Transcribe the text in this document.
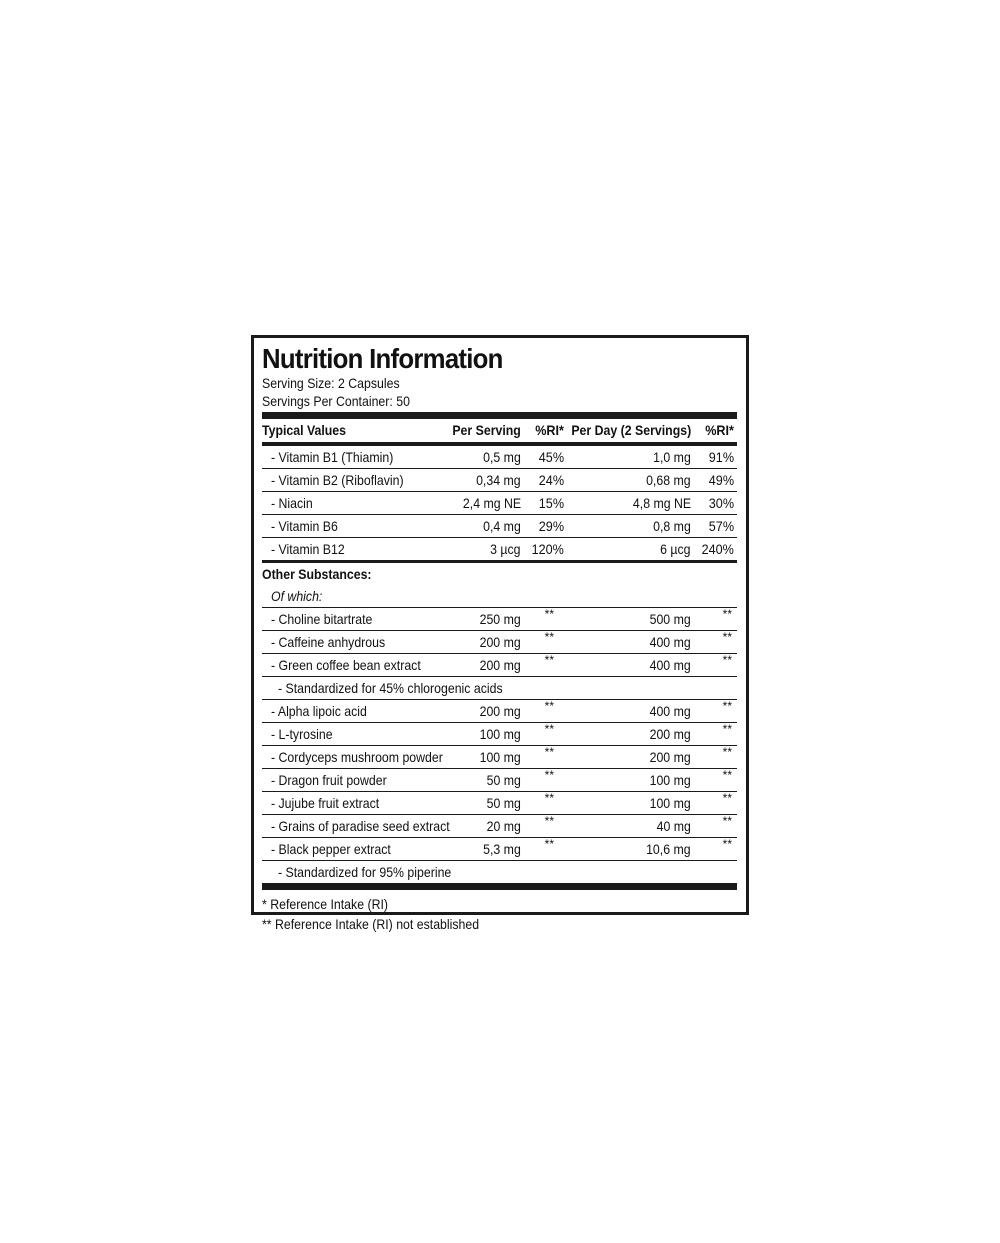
Nutrition Information
Serving Size: 2 Capsules
Servings Per Container: 50
Typical Values	Per Serving %RI* Per Day (2 Servings) %RI*
- Vitamin B1 (Thiamin)	0,5 mg 45%	1,0 mg 91%
- Vitamin B2 (Riboflavin)	0,34 mg 24%	0,68 mg 49%
- Niacin	2,4 mg NE 15%	4,8 mg NE 30%
- Vitamin B6	0,4 mg 29%	0,8 mg 57%
- Vitamin B12	3 µcg 120%	6 µcg 240%
Other Substances:
Of which:
- Choline bitartrate	250 mg **	500 mg	**
- Caffeine anhydrous	200 mg **	400 mg	**
- Green coffee bean extract	200 mg **	400 mg	**
- Standardized for 45% chlorogenic acids
- Alpha lipoic acid	200 mg **	400 mg	**
- L-tyrosine	100 mg **	200 mg	**
- Cordyceps mushroom powder	100 mg **	200 mg	**
- Dragon fruit powder	50 mg **	100 mg	**
- Jujube fruit extract	50 mg **	100 mg	**
- Grains of paradise seed extract	20 mg **	40 mg	**
- Black pepper extract	5,3 mg **	10,6 mg	**
- Standardized for 95% piperine
* Reference Intake (RI)
** Reference Intake (RI) not established
